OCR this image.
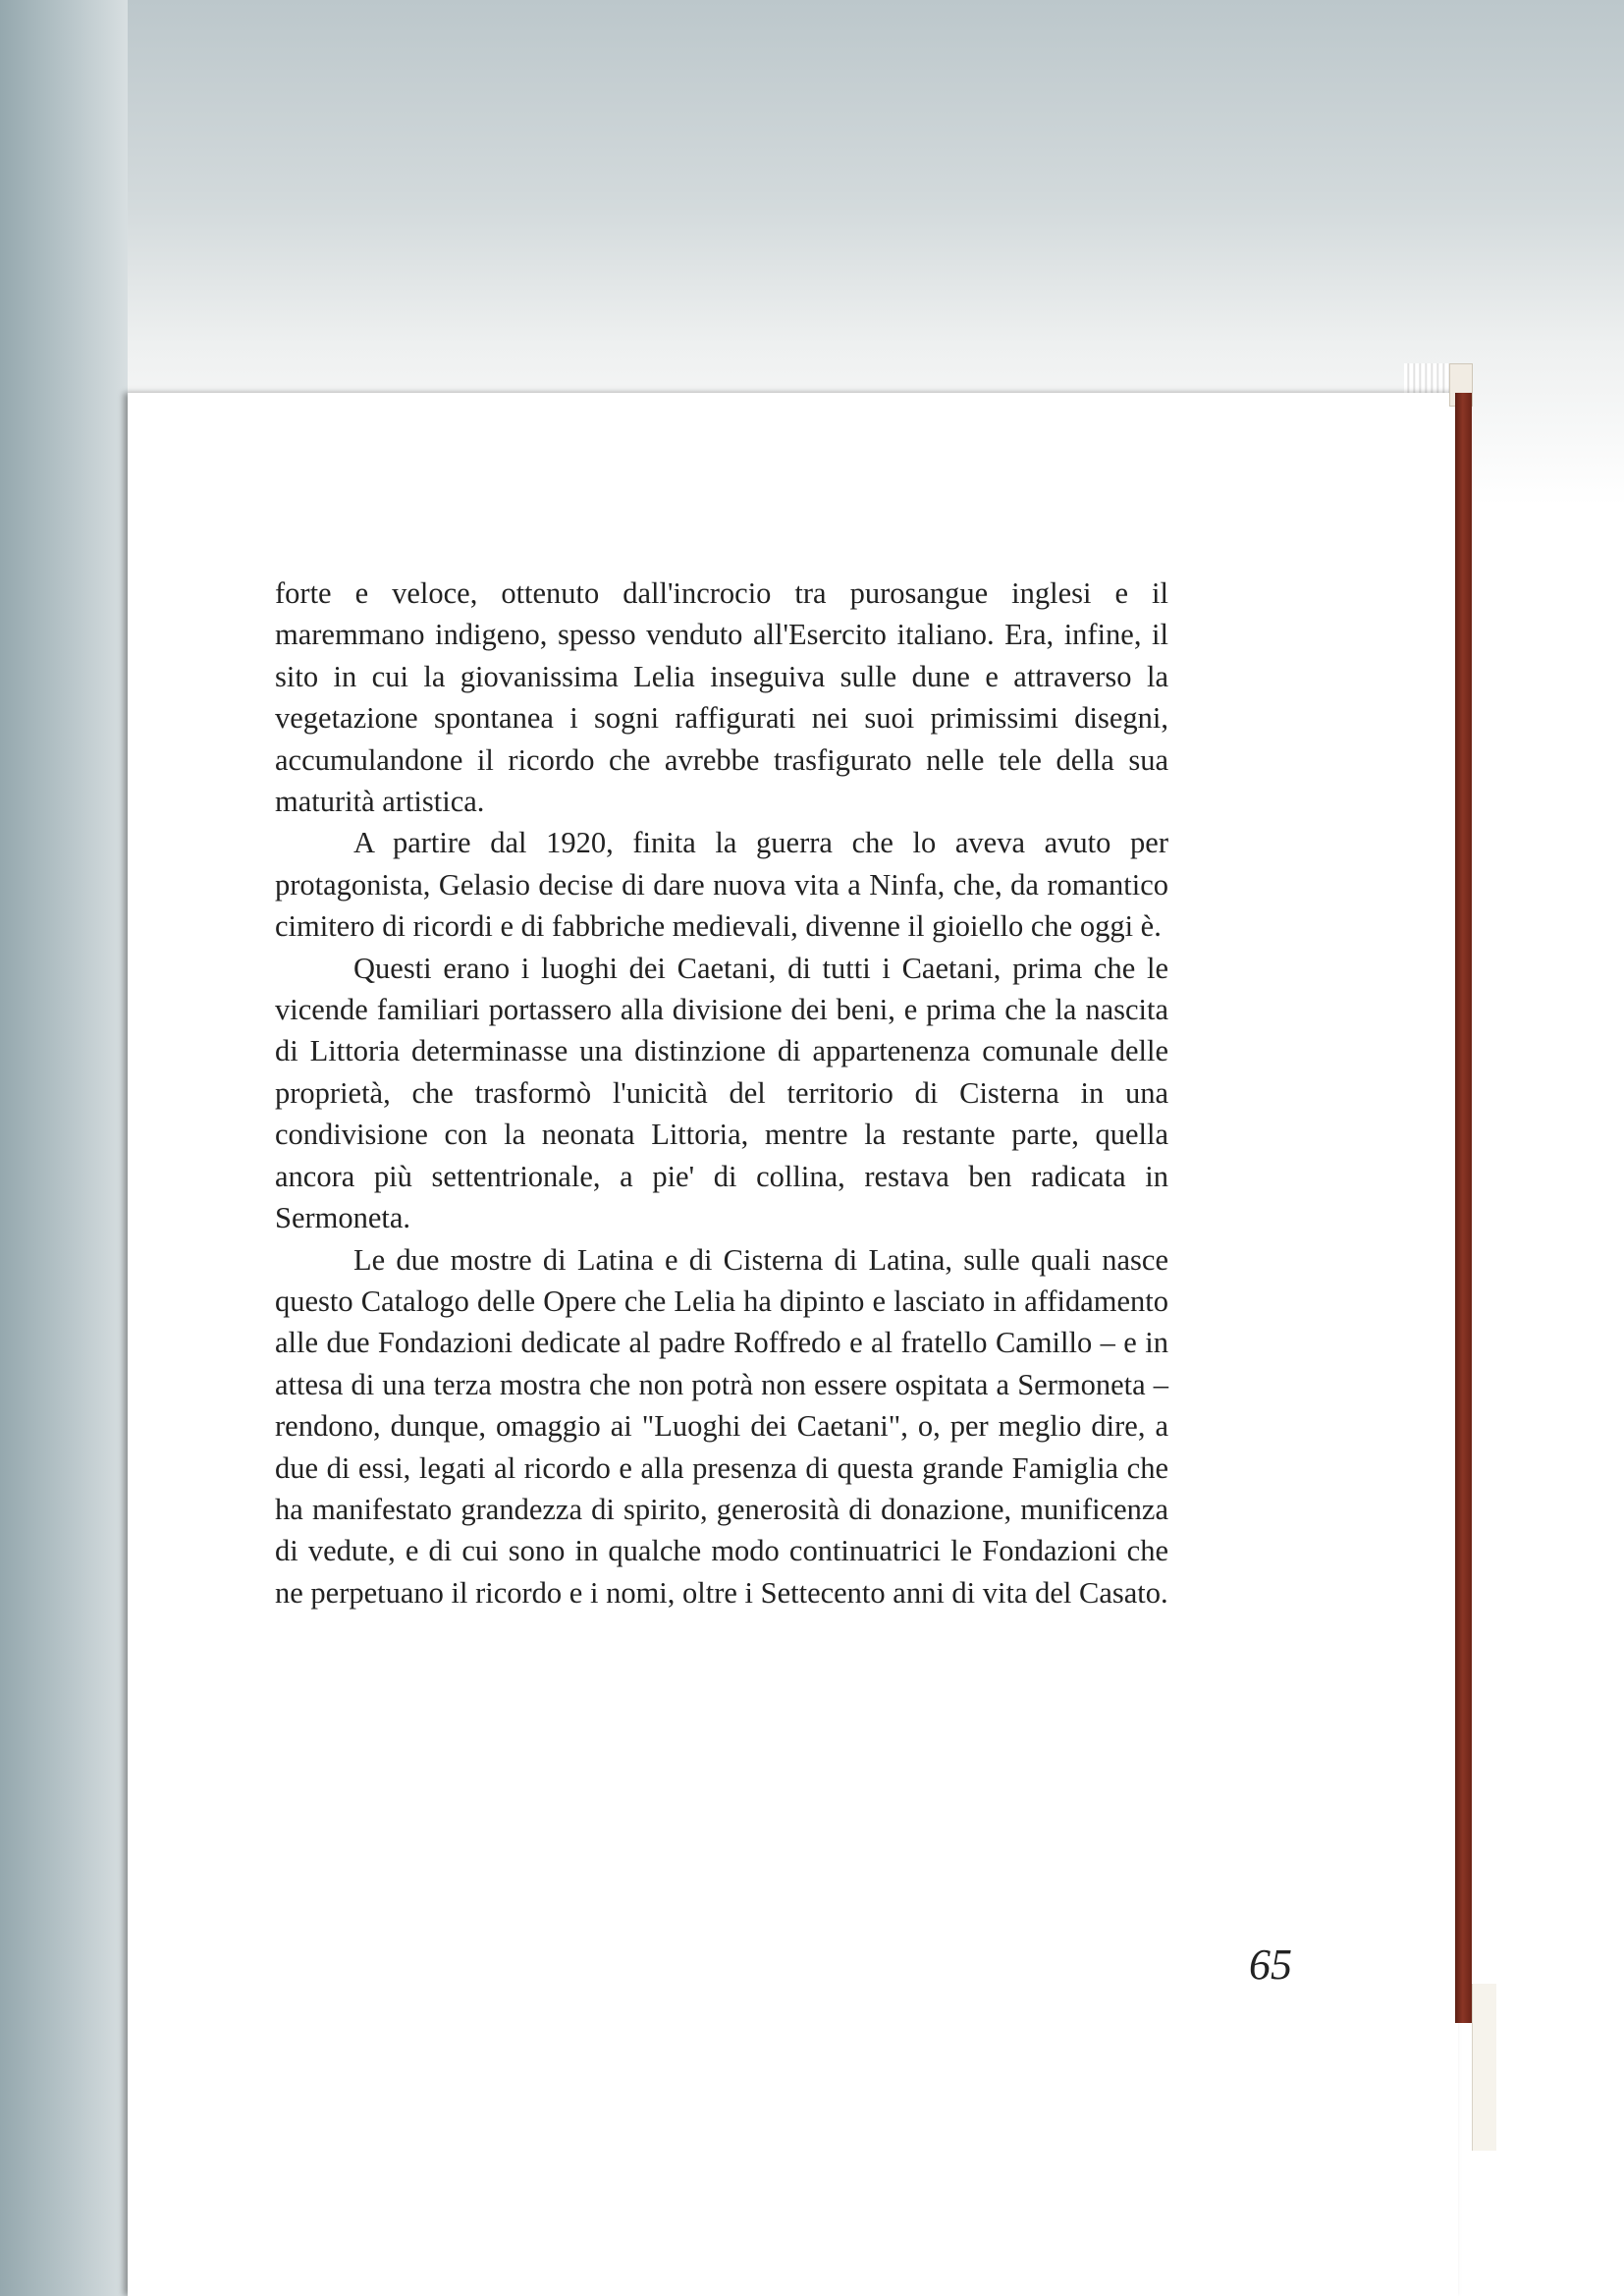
forte e veloce, ottenuto dall'incrocio tra purosangue inglesi e il maremmano indigeno, spesso venduto all'Esercito italiano. Era, infine, il sito in cui la giovanissima Lelia inseguiva sulle dune e attraverso la vegetazione spontanea i sogni raffigurati nei suoi primissimi disegni, accumulandone il ricordo che avrebbe trasfigurato nelle tele della sua maturità artistica.

A partire dal 1920, finita la guerra che lo aveva avuto per protagonista, Gelasio decise di dare nuova vita a Ninfa, che, da romantico cimitero di ricordi e di fabbriche medievali, divenne il gioiello che oggi è.

Questi erano i luoghi dei Caetani, di tutti i Caetani, prima che le vicende familiari portassero alla divisione dei beni, e prima che la nascita di Littoria determinasse una distinzione di appartenenza comunale delle proprietà, che trasformò l'unicità del territorio di Cisterna in una condivisione con la neonata Littoria, mentre la restante parte, quella ancora più settentrionale, a pie' di collina, restava ben radicata in Sermoneta.

Le due mostre di Latina e di Cisterna di Latina, sulle quali nasce questo Catalogo delle Opere che Lelia ha dipinto e lasciato in affidamento alle due Fondazioni dedicate al padre Roffredo e al fratello Camillo – e in attesa di una terza mostra che non potrà non essere ospitata a Sermoneta – rendono, dunque, omaggio ai "Luoghi dei Caetani", o, per meglio dire, a due di essi, legati al ricordo e alla presenza di questa grande Famiglia che ha manifestato grandezza di spirito, generosità di donazione, munificenza di vedute, e di cui sono in qualche modo continuatrici le Fondazioni che ne perpetuano il ricordo e i nomi, oltre i Settecento anni di vita del Casato.

65
